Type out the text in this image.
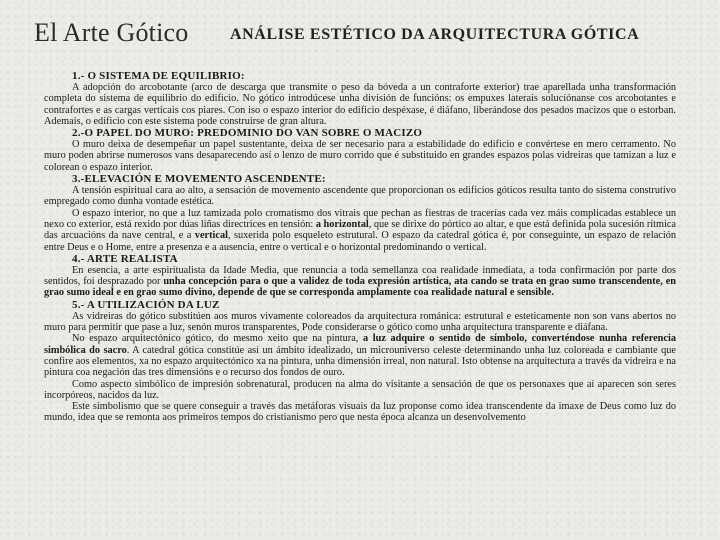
El Arte Gótico	ANÁLISE ESTÉTICO DA ARQUITECTURA GÓTICA
1.- O SISTEMA DE EQUILIBRIO:

A adopción do arcobotante (arco de descarga que transmite o peso da bóveda a un contraforte exterior) trae aparellada unha transformación completa do sistema de equilibrio do edificio. No gótico introdúcese unha división de funcións: os empuxes laterais solucíónanse cos arcobotantes e contrafortes e as cargas verticais cos piares. Con iso o espazo interior do edificio despéxase, é diáfano, liberándose dos pesados macizos que o estorban. Ademais, o edificio con este sistema pode construirse de gran altura.

2.-O PAPEL DO MURO: PREDOMINIO DO VAN SOBRE O MACIZO

O muro deixa de desempeñar un papel sustentante, deixa de ser necesario para a estabilidade do edificio e convértese en mero cerramento. No muro poden abrirse numerosos vans desaparecendo así o lenzo de muro corrido que é substituido en grandes espazos polas vidreiras que tamizan a luz e colorean o espazo interior.

3.-ELEVACIÓN E MOVEMENTO ASCENDENTE:

A tensión espiritual cara ao alto, a sensación de movemento ascendente que proporcionan os edificios góticos resulta tanto do sistema construtivo empregado como dunha vontade estética.

O espazo interior, no que a luz tamizada polo cromatismo dos vitrais que pechan as fiestras de tracerías cada vez máis complicadas establece un nexo co exterior, está rexido por dúas liñas directrices en tensión: a horizontal, que se dirixe do pórtico ao altar, e que está definida pola sucesión rítmica das arcuacións da nave central, e a vertical, suxerida polo esqueleto estrutural. O espazo da catedral gótica é, por conseguinte, un espazo de relación entre Deus e o Home, entre a presenza e a ausencia, entre o vertical e o horizontal predominando o vertical.

4.- ARTE REALISTA

En esencia, a arte espiritualista da Idade Media, que renuncia a toda semellanza coa realidade inmediata, a toda confirmación por parte dos sentidos, foi desprazado por unha concepción para o que a validez de toda expresión artística, ata cando se trata en grao sumo transcendente, en grao sumo ideal e en grao sumo divino, depende de que se corresponda amplamente coa realidade natural e sensible.

5.- A UTILIZACIÓN DA LUZ

As vidreiras do gótico substitúen aos muros vivamente coloreados da arquitectura románica: estrutural e esteticamente non son vans abertos no muro para permitir que pase a luz, senón muros transparentes, Pode considerarse o gótico como unha arquitectura transparente e diáfana.

No espazo arquitectónico gótico, do mesmo xeito que na pintura, a luz adquire o sentido de símbolo, converténdose nunha referencia simbólica do sacro. A catedral gótica constitúe así un ámbito idealizado, un microuniverso celeste determinando unha luz coloreada e cambiante que confire aos elementos, xa no espazo arquitectónico xa na pintura, unha dimensión irreal, non natural. Isto obtense na arquitectura a través da vidreira e na pintura coa negación das tres dimensións e o recurso dos fondos de ouro.

Como aspecto simbólico de impresión sobrenatural, producen na alma do visitante a sensación de que os personaxes que aí aparecen son seres incorpóreos, nacidos da luz.

Este simbolismo que se quere conseguir a través das metáforas visuais da luz proponse como idea transcendente da imaxe de Deus como luz do mundo, idea que se remonta aos primeiros tempos do cristianismo pero que nesta época alcanza un desenvolvemento
